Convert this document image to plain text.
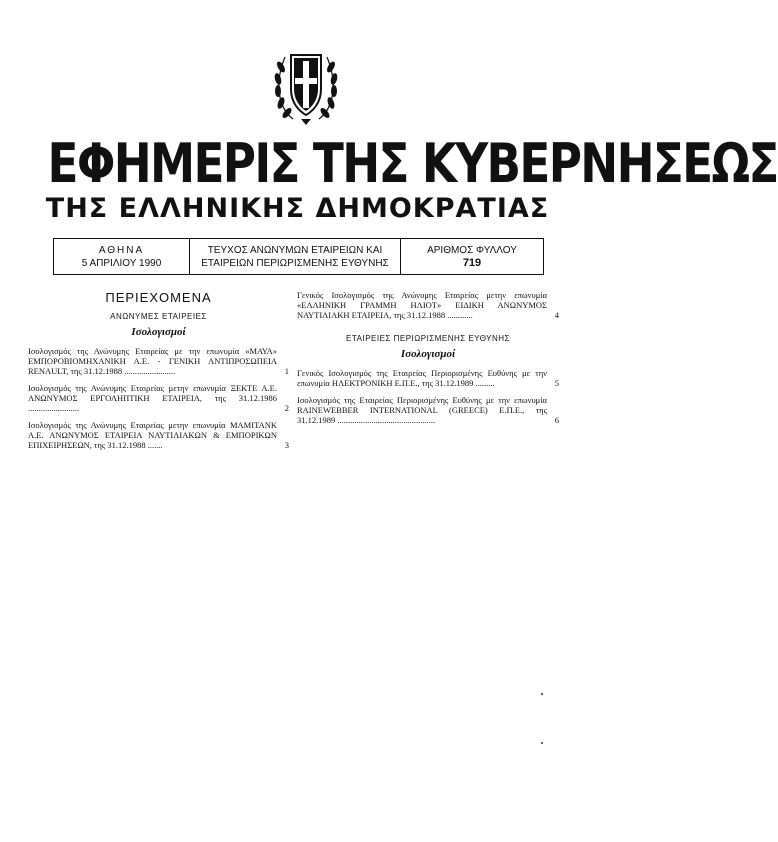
ΕΦΗΜΕΡΙΣ ΤΗΣ ΚΥΒΕΡΝΗΣΕΩΣ
ΤΗΣ ΕΛΛΗΝΙΚΗΣ ΔΗΜΟΚΡΑΤΙΑΣ
ΑΘΗΝΑ
5 ΑΠΡΙΛΙΟΥ 1990
ΤΕΥΧΟΣ ΑΝΩΝΥΜΩΝ ΕΤΑΙΡΕΙΩΝ ΚΑΙ
ΕΤΑΙΡΕΙΩΝ ΠΕΡΙΩΡΙΣΜΕΝΗΣ ΕΥΘΥΝΗΣ
ΑΡΙΘΜΟΣ ΦΥΛΛΟΥ
719
ΠΕΡΙΕΧΟΜΕΝΑ
ΑΝΩΝΥΜΕΣ ΕΤΑΙΡΕΙΕΣ
Ισολογισμοί
Ισολογισμός της Ανώνυμης Εταιρείας με την επωνυμία «ΜΑΥΑ» ΕΜΠΟΡΟΒΙΟΜΗΧΑΝΙΚΗ Α.Ε. - ΓΕΝΙΚΗ ΑΝΤΙΠΡΟΣΩΠΕΙΑ RENAULT, της 31.12.1988 ........................	1
Ισολογισμός της Ανώνυμης Εταιρείας μετην επωνυμία ΞΕΚΤΕ Α.Ε. ΑΝΩΝΥΜΟΣ ΕΡΓΟΛΗΠΤΙΚΗ ΕΤΑΙΡΕΙΑ, της 31.12.1986 ........................	2
Ισολογισμός της Ανώνυμης Εταιρείας μετην επωνυμία ΜΑΜΙΤΑΝΚ Α.Ε. ΑΝΩΝΥΜΟΣ ΕΤΑΙΡΕΙΑ ΝΑΥΤΙΛΙΑΚΩΝ & ΕΜΠΟΡΙΚΩΝ ΕΠΙΧΕΙΡΗΣΕΩΝ, της 31.12.1988 .......	3
Γενικός Ισολογισμός της Ανώνυμης Εταιρείας μετην επωνυμία «ΕΛΛΗΝΙΚΗ ΓΡΑΜΜΗ ΗΛΙΟΤ» ΕΙΔΙΚΗ ΑΝΩΝΥΜΟΣ ΝΑΥΤΙΛΙΑΚΗ ΕΤΑΙΡΕΙΑ, της 31.12.1988 ............	4
ΕΤΑΙΡΕΙΕΣ ΠΕΡΙΩΡΙΣΜΕΝΗΣ ΕΥΘΥΝΗΣ
Ισολογισμοί
Γενικός Ισολογισμός της Εταιρείας Περιορισμένης Ευθύνης με την επωνυμία ΗΛΕΚΤΡΟΝΙΚΗ Ε.Π.Ε., της 31.12.1989 .........	5
Ισολογισμός της Εταιρείας Περιορισμένης Ευθύνης με την επωνυμία RAINEWEBBER INTERNATIONAL (GREECE) Ε.Π.Ε., της 31.12.1989 ..............................................	6
